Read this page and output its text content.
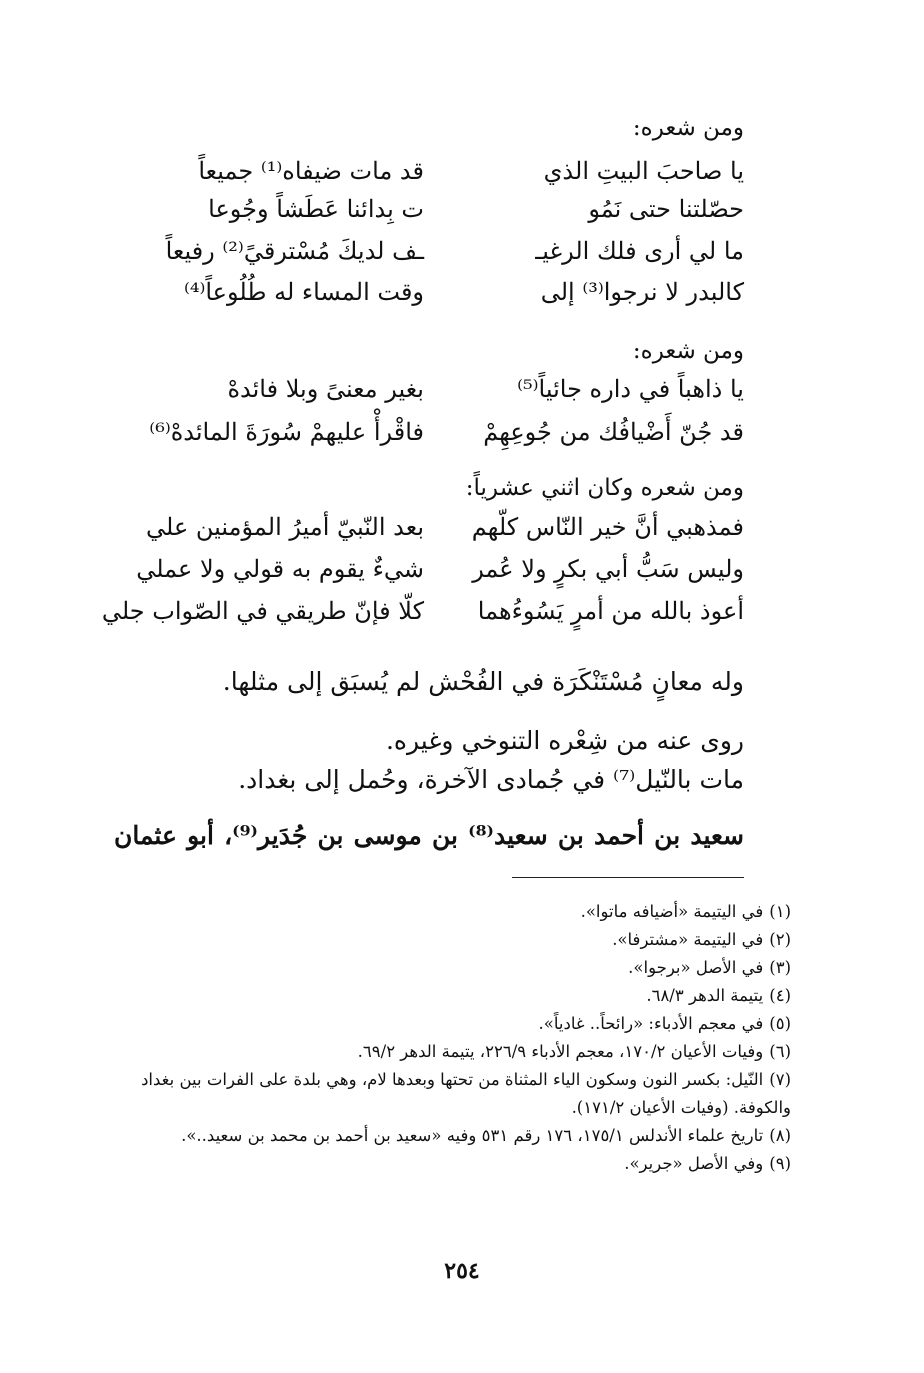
ومن شعره:
يا صاحبَ البيتِ الذي
قد مات ضيفاه⁽¹⁾ جميعاً
حصّلتنا حتى نَمُو
ت بِدائنا عَطَشاً وجُوعا
ما لي أرى فلك الرغيـ
ـف لديكَ مُسْترقيً⁽²⁾ رفيعاً
كالبدر لا نرجوا⁽³⁾ إلى
وقت المساء له طُلُوعاً⁽⁴⁾
ومن شعره:
يا ذاهباً في داره جائياً⁽⁵⁾
بغير معنىً وبلا فائدهْ
قد جُنّ أَضْيافُك من جُوعِهِمْ
فاقْرأْ عليهمْ سُورَةَ المائدهْ⁽⁶⁾
ومن شعره وكان اثني عشرياً:
فمذهبي أنَّ خير النّاس كلّهم
بعد النّبيّ أميرُ المؤمنين علي
وليس سَبُّ أبي بكرٍ ولا عُمر
شيءٌ يقوم به قولي ولا عملي
أعوذ بالله من أمرٍ يَسُوءُهما
كلّا فإنّ طريقي في الصّواب جلي
وله معانٍ مُسْتَنْكَرَة في الفُحْش لم يُسبَق إلى مثلها.
روى عنه من شِعْره التنوخي وغيره.
مات بالنّيل⁽⁷⁾ في جُمادى الآخرة، وحُمل إلى بغداد.
سعيد بن أحمد بن سعيد⁽⁸⁾ بن موسى بن جُدَير⁽⁹⁾، أبو عثمان
(١)في اليتيمة «أضيافه ماتوا».
(٢)في اليتيمة «مشترفا».
(٣)في الأصل «برجوا».
(٤)يتيمة الدهر ٦٨/٣.
(٥)في معجم الأدباء: «رائحاً.. غادياً».
(٦)وفيات الأعيان ١٧٠/٢، معجم الأدباء ٢٢٦/٩، يتيمة الدهر ٦٩/٢.
(٧)النّيل: بكسر النون وسكون الياء المثناة من تحتها وبعدها لام، وهي بلدة على الفرات بين بغداد والكوفة. (وفيات الأعيان ١٧١/٢).
(٨)تاريخ علماء الأندلس ١٧٥/١، ١٧٦ رقم ٥٣١ وفيه «سعيد بن أحمد بن محمد بن سعيد..».
(٩)وفي الأصل «جرير».
٢٥٤
